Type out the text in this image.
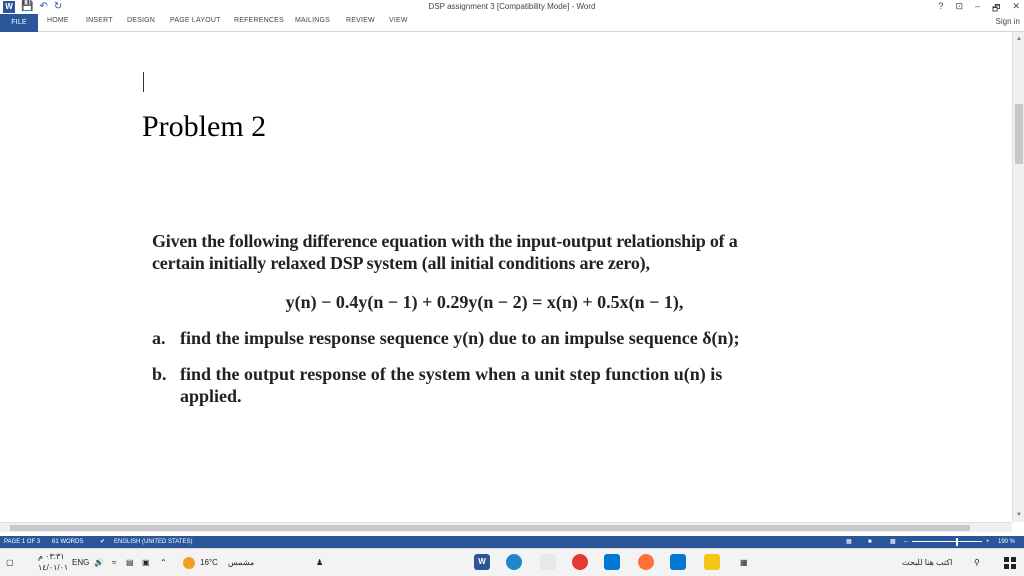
W 💾 ↶ ↻	DSP assignment 3 [Compatibility Mode] - Word	? ⊡ – 🗗 ✕
FILE	HOME INSERT DESIGN PAGE LAYOUT REFERENCES MAILINGS REVIEW VIEW	Sign in
Problem 2
Given the following difference equation with the input-output relationship of a certain initially relaxed DSP system (all initial conditions are zero),
y(n) − 0.4y(n − 1) + 0.29y(n − 2) = x(n) + 0.5x(n − 1),
a. find the impulse response sequence y(n) due to an impulse sequence δ(n);
b. find the output response of the system when a unit step function u(n) is applied.
▲
▼
PAGE 1 OF 3 61 WORDS	✔ ENGLISH (UNITED STATES)	▦	■	▩ –	+ 190 %
▢
٠٣:٣١ م
١٤/٠١/٠١
ENG 🔊 ≈ ▤ ▣ ⌃	16°C مشمس	♟	W	▦	اكتب هنا للبحث	⚲
